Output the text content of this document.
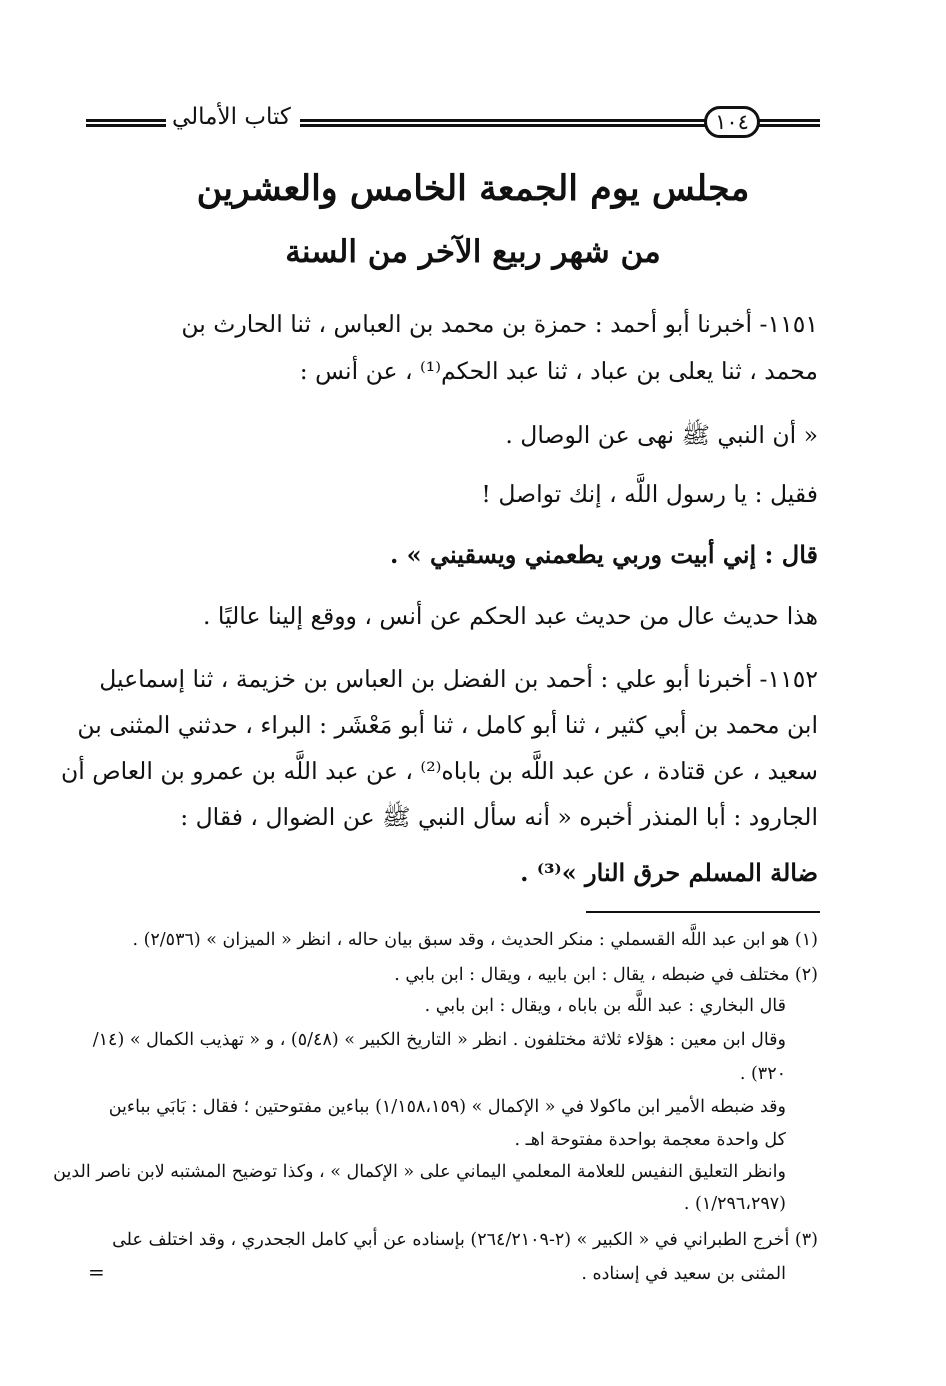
كتاب الأمالي	١٠٤
مجلس يوم الجمعة الخامس والعشرين
من شهر ربيع الآخر من السنة
١١٥١- أخبرنا أبو أحمد : حمزة بن محمد بن العباس ، ثنا الحارث بن
محمد ، ثنا يعلى بن عباد ، ثنا عبد الحكم⁽¹⁾ ، عن أنس :
« أن النبي ﷺ نهى عن الوصال .
فقيل : يا رسول اللَّه ، إنك تواصل !
قال : إني أبيت وربي يطعمني ويسقيني » .
هذا حديث عال من حديث عبد الحكم عن أنس ، ووقع إلينا عاليًا .
١١٥٢- أخبرنا أبو علي : أحمد بن الفضل بن العباس بن خزيمة ، ثنا إسماعيل
ابن محمد بن أبي كثير ، ثنا أبو كامل ، ثنا أبو مَعْشَر : البراء ، حدثني المثنى بن
سعيد ، عن قتادة ، عن عبد اللَّه بن باباه⁽²⁾ ، عن عبد اللَّه بن عمرو بن العاص أن
الجارود : أبا المنذر أخبره « أنه سأل النبي ﷺ عن الضوال ، فقال :
ضالة المسلم حرق النار »⁽³⁾ .
(١) هو ابن عبد اللَّه القسملي : منكر الحديث ، وقد سبق بيان حاله ، انظر « الميزان » (٢/٥٣٦) .
(٢) مختلف في ضبطه ، يقال : ابن بابيه ، ويقال : ابن بابي .
قال البخاري : عبد اللَّه بن باباه ، ويقال : ابن بابي .
وقال ابن معين : هؤلاء ثلاثة مختلفون . انظر « التاريخ الكبير » (٥/٤٨) ، و « تهذيب الكمال » (١٤/
٣٢٠) .
وقد ضبطه الأمير ابن ماكولا في « الإكمال » (١/١٥٨،١٥٩) بباءين مفتوحتين ؛ فقال : بَابَي بباءين
كل واحدة معجمة بواحدة مفتوحة اهـ .
وانظر التعليق النفيس للعلامة المعلمي اليماني على « الإكمال » ، وكذا توضيح المشتبه لابن ناصر الدين
(١/٢٩٦،٢٩٧) .
(٣) أخرج الطبراني في « الكبير » (٢-٢٦٤/٢١٠٩) بإسناده عن أبي كامل الجحدري ، وقد اختلف على
المثنى بن سعيد في إسناده .
=
